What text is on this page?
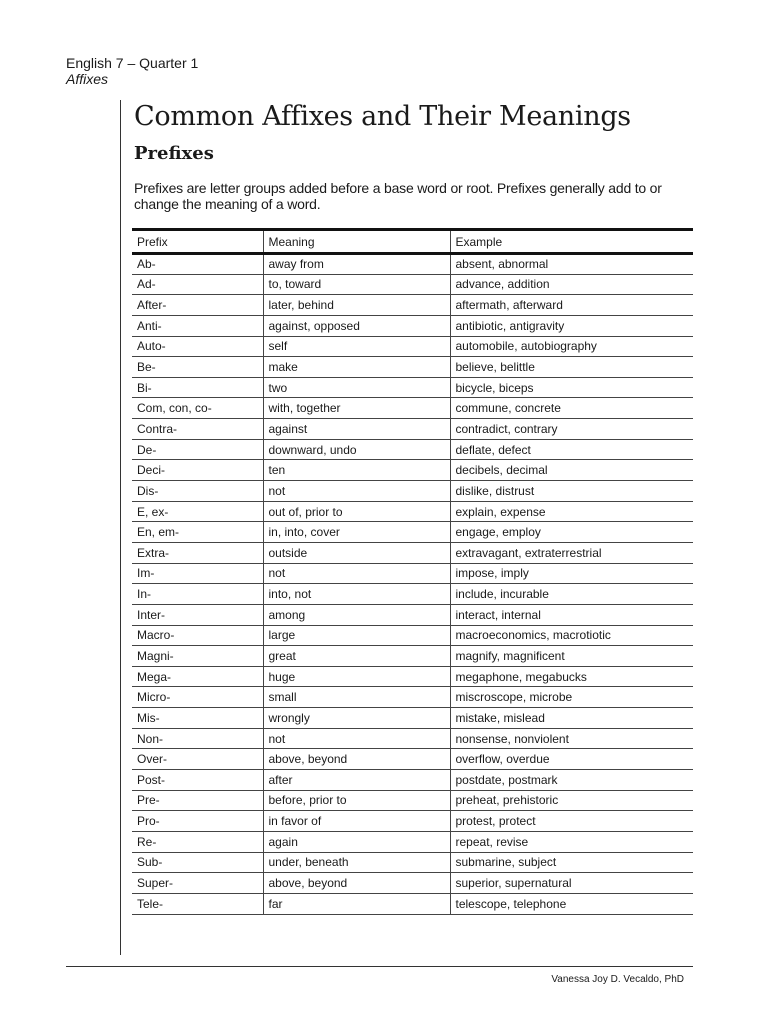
English 7 – Quarter 1
Affixes
Common Affixes and Their Meanings
Prefixes
Prefixes are letter groups added before a base word or root. Prefixes generally add to or change the meaning of a word.
Prefix	Meaning	Example
Ab-	away from	absent, abnormal
Ad-	to, toward	advance, addition
After-	later, behind	aftermath, afterward
Anti-	against, opposed	antibiotic, antigravity
Auto-	self	automobile, autobiography
Be-	make	believe, belittle
Bi-	two	bicycle, biceps
Com, con, co-	with, together	commune, concrete
Contra-	against	contradict, contrary
De-	downward, undo	deflate, defect
Deci-	ten	decibels, decimal
Dis-	not	dislike, distrust
E, ex-	out of, prior to	explain, expense
En, em-	in, into, cover	engage, employ
Extra-	outside	extravagant, extraterrestrial
Im-	not	impose, imply
In-	into, not	include, incurable
Inter-	among	interact, internal
Macro-	large	macroeconomics, macrotiotic
Magni-	great	magnify, magnificent
Mega-	huge	megaphone, megabucks
Micro-	small	miscroscope, microbe
Mis-	wrongly	mistake, mislead
Non-	not	nonsense, nonviolent
Over-	above, beyond	overflow, overdue
Post-	after	postdate, postmark
Pre-	before, prior to	preheat, prehistoric
Pro-	in favor of	protest, protect
Re-	again	repeat, revise
Sub-	under, beneath	submarine, subject
Super-	above, beyond	superior, supernatural
Tele-	far	telescope, telephone
Vanessa Joy D. Vecaldo, PhD
